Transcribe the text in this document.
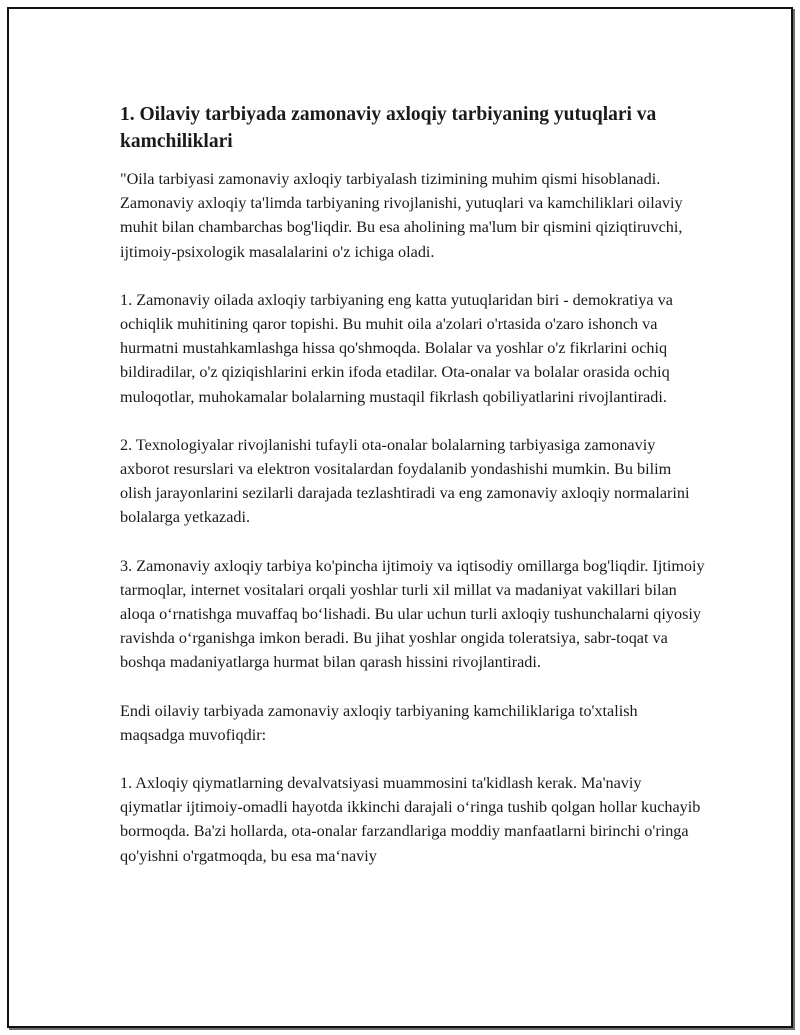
1. Oilaviy tarbiyada zamonaviy axloqiy tarbiyaning yutuqlari va kamchiliklari
"Oila tarbiyasi zamonaviy axloqiy tarbiyalash tizimining muhim qismi hisoblanadi. Zamonaviy axloqiy ta'limda tarbiyaning rivojlanishi, yutuqlari va kamchiliklari oilaviy muhit bilan chambarchas bog'liqdir. Bu esa aholining ma'lum bir qismini qiziqtiruvchi, ijtimoiy-psixologik masalalarini o'z ichiga oladi.
1. Zamonaviy oilada axloqiy tarbiyaning eng katta yutuqlaridan biri - demokratiya va ochiqlik muhitining qaror topishi. Bu muhit oila a'zolari o'rtasida o'zaro ishonch va hurmatni mustahkamlashga hissa qo'shmoqda. Bolalar va yoshlar o'z fikrlarini ochiq bildiradilar, o'z qiziqishlarini erkin ifoda etadilar. Ota-onalar va bolalar orasida ochiq muloqotlar, muhokamalar bolalarning mustaqil fikrlash qobiliyatlarini rivojlantiradi.
2. Texnologiyalar rivojlanishi tufayli ota-onalar bolalarning tarbiyasiga zamonaviy axborot resurslari va elektron vositalardan foydalanib yondashishi mumkin. Bu bilim olish jarayonlarini sezilarli darajada tezlashtiradi va eng zamonaviy axloqiy normalarini bolalarga yetkazadi.
3. Zamonaviy axloqiy tarbiya ko'pincha ijtimoiy va iqtisodiy omillarga bog'liqdir. Ijtimoiy tarmoqlar, internet vositalari orqali yoshlar turli xil millat va madaniyat vakillari bilan aloqa o‘rnatishga muvaffaq bo‘lishadi. Bu ular uchun turli axloqiy tushunchalarni qiyosiy ravishda o‘rganishga imkon beradi. Bu jihat yoshlar ongida toleratsiya, sabr-toqat va boshqa madaniyatlarga hurmat bilan qarash hissini rivojlantiradi.
Endi oilaviy tarbiyada zamonaviy axloqiy tarbiyaning kamchiliklariga to'xtalish maqsadga muvofiqdir:
1. Axloqiy qiymatlarning devalvatsiyasi muammosini ta'kidlash kerak. Ma'naviy qiymatlar ijtimoiy-omadli hayotda ikkinchi darajali o‘ringa tushib qolgan hollar kuchayib bormoqda. Ba'zi hollarda, ota-onalar farzandlariga moddiy manfaatlarni birinchi o'ringa qo'yishni o'rgatmoqda, bu esa ma‘naviy
